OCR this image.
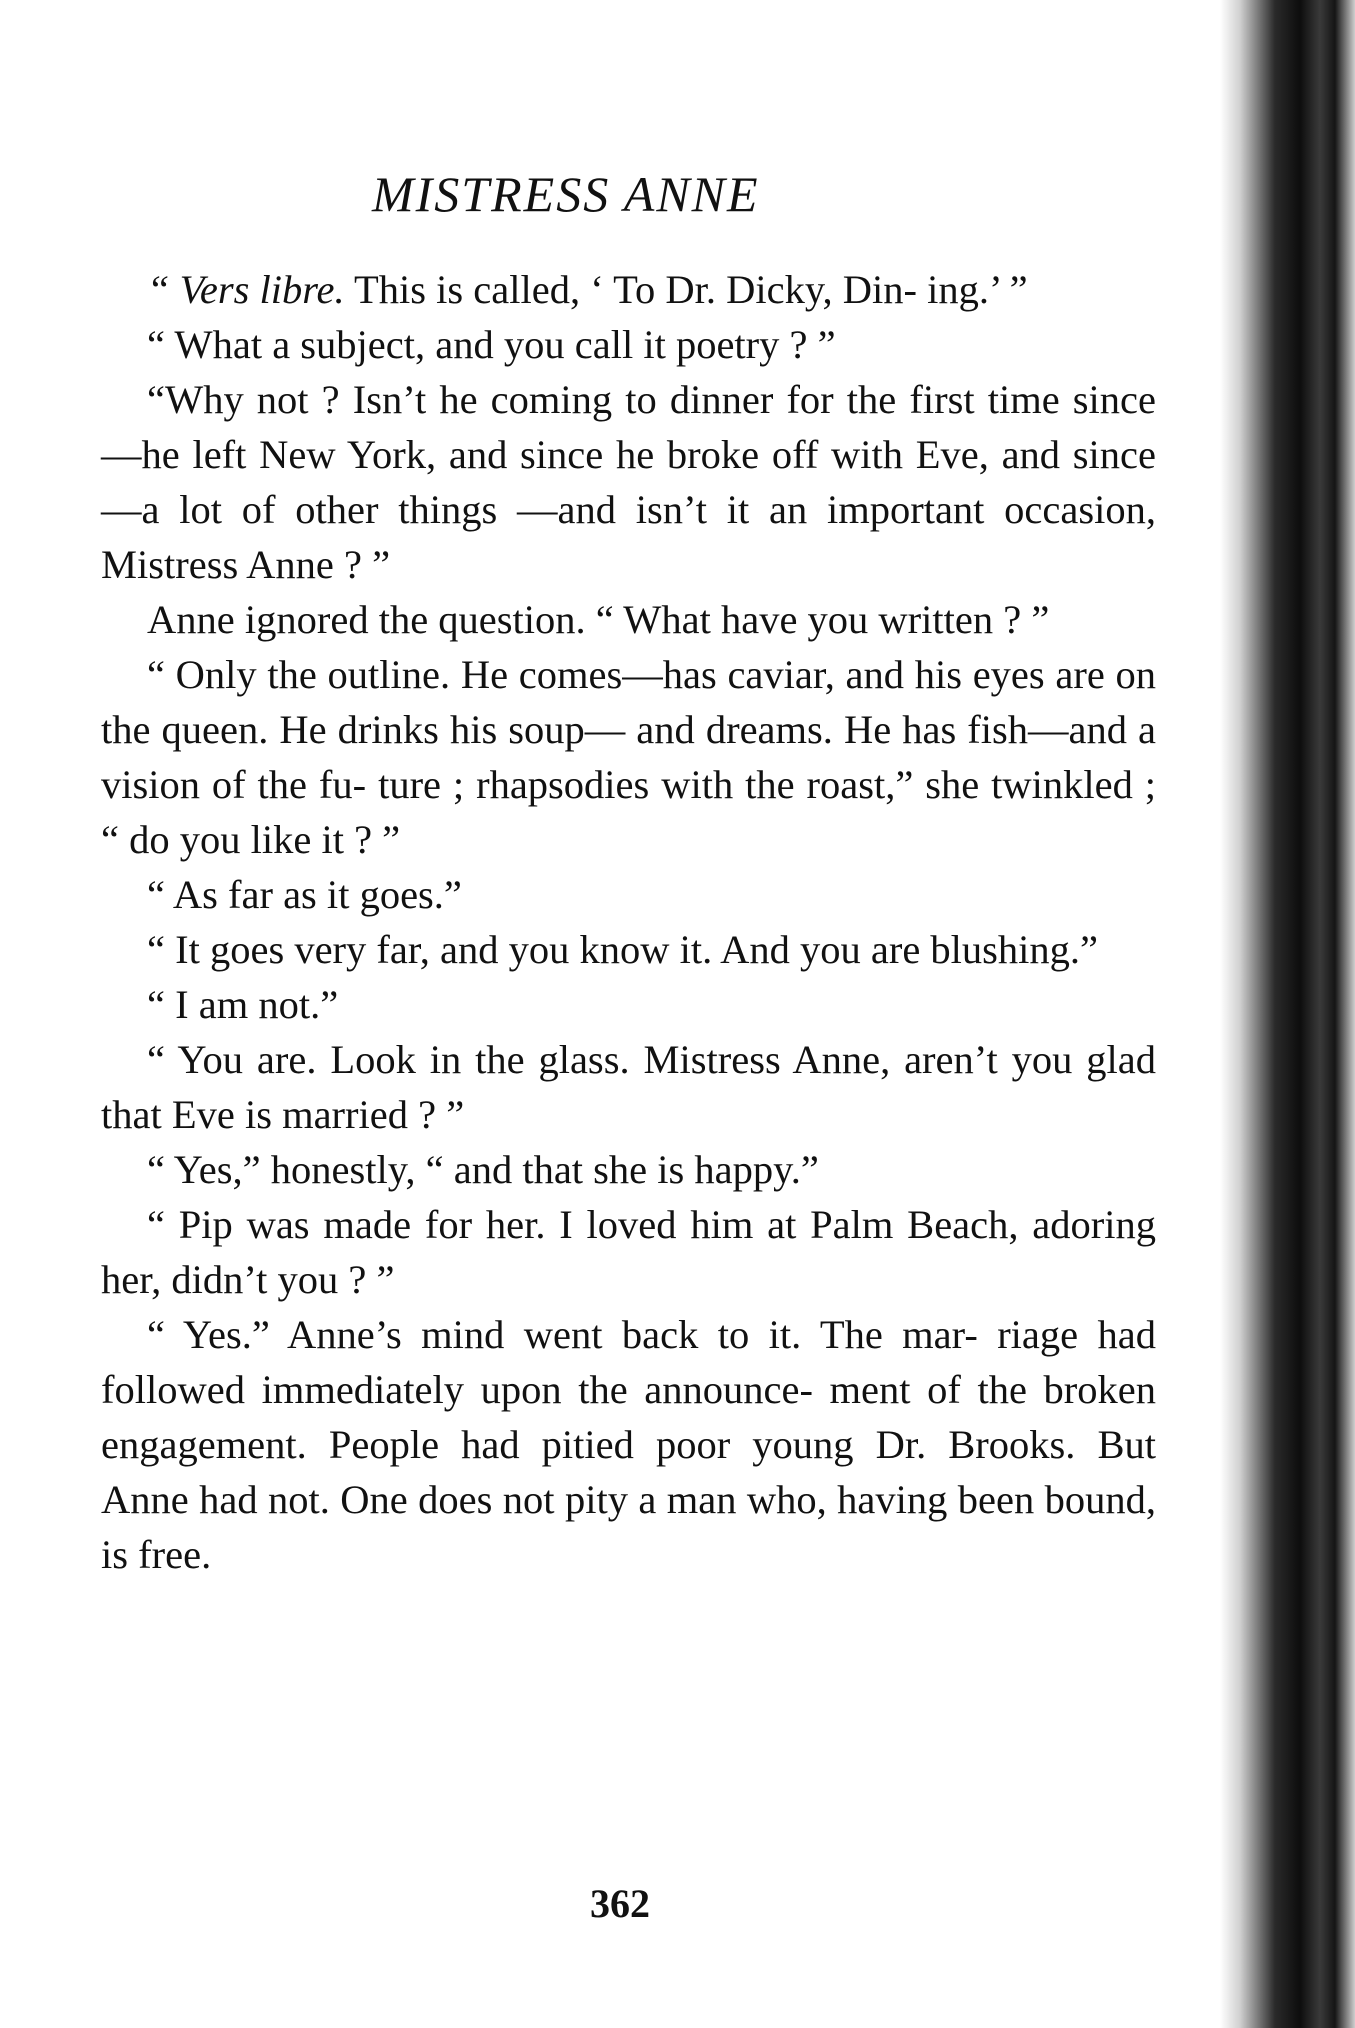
MISTRESS ANNE

“ Vers libre. This is called, ‘ To Dr. Dicky, Din- ing.’ ”

“ What a subject, and you call it poetry ? ”

“Why not ? Isn’t he coming to dinner for the first time since—he left New York, and since he broke off with Eve, and since—a lot of other things —and isn’t it an important occasion, Mistress Anne ? ”

Anne ignored the question. “ What have you written ? ”

“ Only the outline. He comes—has caviar, and his eyes are on the queen. He drinks his soup— and dreams. He has fish—and a vision of the fu- ture ; rhapsodies with the roast,” she twinkled ; “ do you like it ? ”

“ As far as it goes.”

“ It goes very far, and you know it. And you are blushing.”

“ I am not.”

“ You are. Look in the glass. Mistress Anne, aren’t you glad that Eve is married ? ”

“ Yes,” honestly, “ and that she is happy.”

“ Pip was made for her. I loved him at Palm Beach, adoring her, didn’t you ? ”

“ Yes.” Anne’s mind went back to it. The mar- riage had followed immediately upon the announce- ment of the broken engagement. People had pitied poor young Dr. Brooks. But Anne had not. One does not pity a man who, having been bound, is free.

362
